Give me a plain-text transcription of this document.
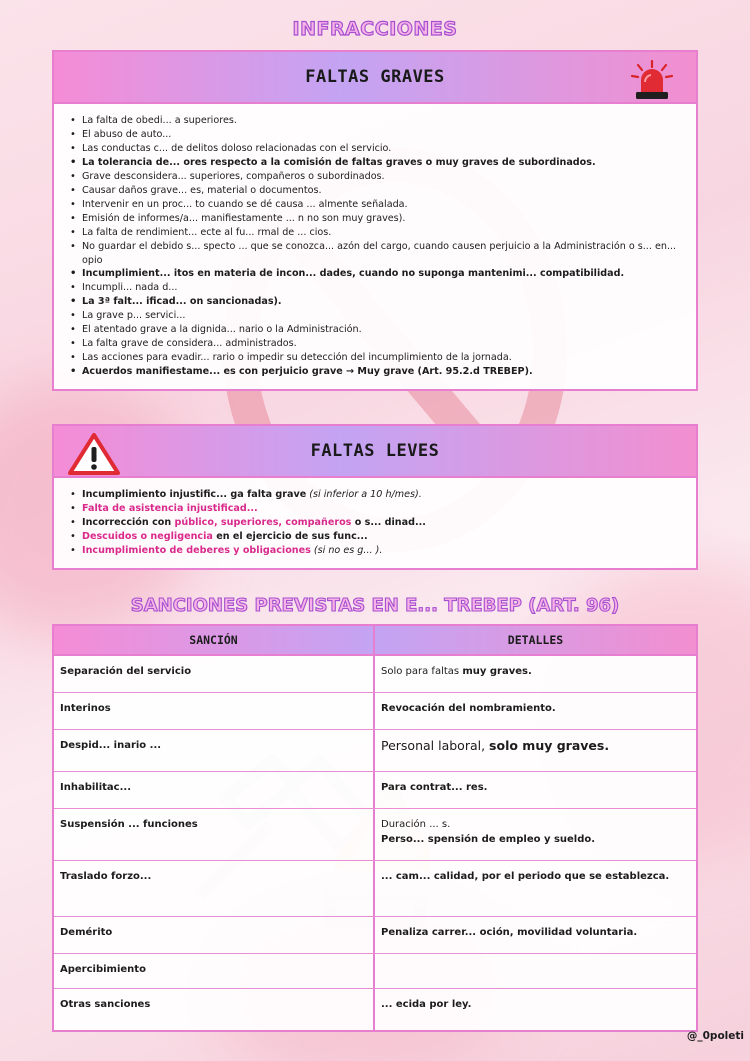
INFRACCIONES
FALTAS GRAVES
• La falta de obedi... a superiores.
• El abuso de auto...
• Las conductas c... de delitos doloso relacionadas con el servicio.
• La tolerancia de... ores respecto a la comisión de faltas graves o muy graves de subordinados.
• Grave desconsidera... superiores, compañeros o subordinados.
• Causar daños grave... es, material o documentos.
• Intervenir en un proc... to cuando se dé causa ... almente señalada.
• Emisión de informes/a... manifiestamente ... n no son muy graves).
• La falta de rendimient... ecte al fu... rmal de ... cios.
• No guardar el debido s... specto ... que se conozca... azón del cargo, cuando causen perjuicio a la Administración o s... en... opio
• Incumplimient... itos en materia de incon... dades, cuando no suponga mantenimi... compatibilidad.
• Incumpli... nada d...
• La 3ª falt... ificad... on sancionadas).
• La grave p... servici...
• El atentado grave a la dignida... nario o la Administración.
• La falta grave de considera... administrados.
• Las acciones para evadir... rario o impedir su detección del incumplimiento de la jornada.
• Acuerdos manifiestame... es con perjuicio grave → Muy grave (Art. 95.2.d TREBEP).
FALTAS LEVES
• Incumplimiento injustific... ga falta grave (si inferior a 10 h/mes).
• Falta de asistencia injustificad...
• Incorrección con público, superiores, compañeros o s... dinad...
• Descuidos o negligencia en el ejercicio de sus func...
• Incumplimiento de deberes y obligaciones (si no es g... ).
SANCIONES PREVISTAS EN E... TREBEP (ART. 96)
SANCIÓN	DETALLES
Separación del servicio	Solo para faltas muy graves.
Interinos	Revocación del nombramiento.
Despid... inario ...	Personal laboral, solo muy graves.
Inhabilitac...	Para contrat... res.
Suspensión ... funciones	Duración ... s.
Perso... spensión de empleo y sueldo.
Traslado forzo...	... cam... calidad, por el periodo que se establezca.
Demérito	Penaliza carrer... oción, movilidad voluntaria.
Apercibimiento
Otras sanciones	... ecida por ley.
@_0poleti
